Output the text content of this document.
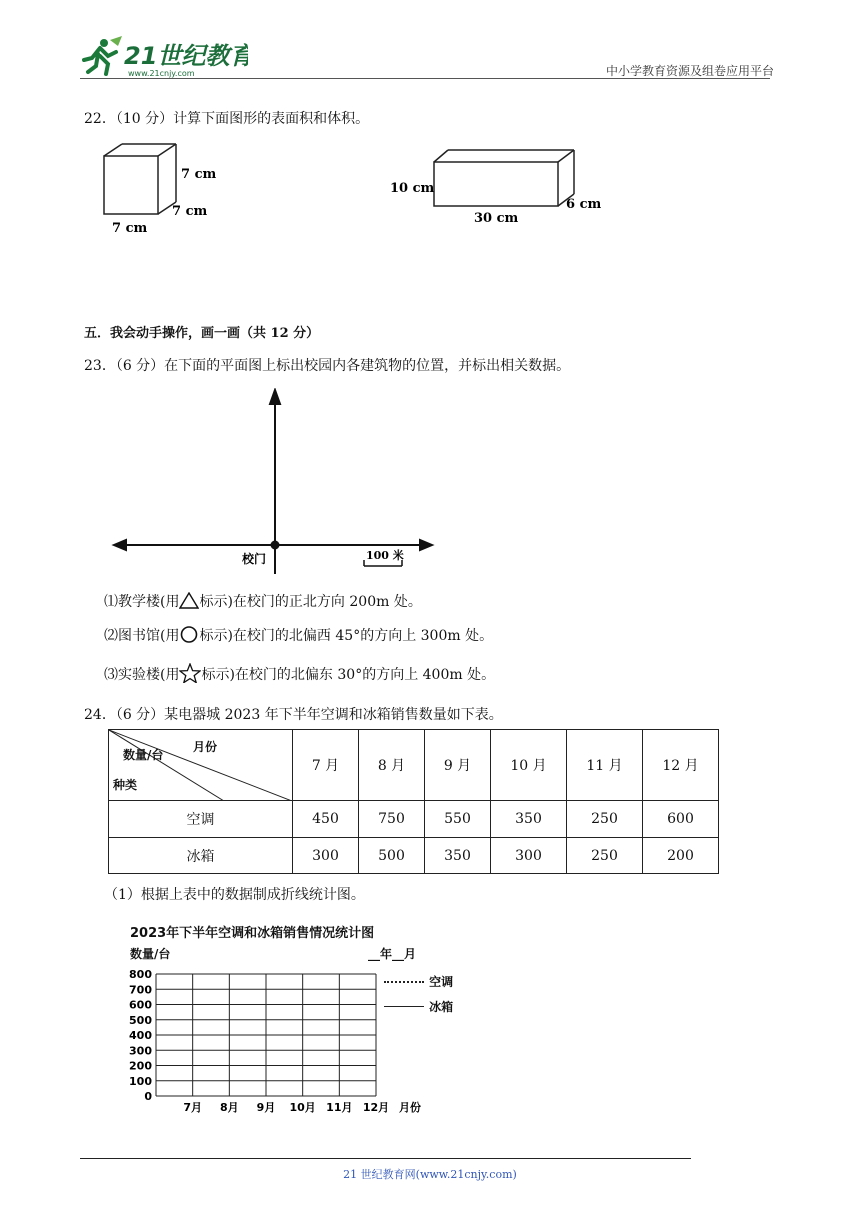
21世纪教育
www.21cnjy.com	中小学教育资源及组卷应用平台
22．（10 分）计算下面图形的表面积和体积。
7 cm
7 cm
7 cm
10 cm
30 cm
6 cm
五．我会动手操作，画一画（共 12 分）
23．（6 分）在下面的平面图上标出校园内各建筑物的位置，并标出相关数据。
校门	100 米
⑴教学楼(用 标示)在校门的正北方向 200m 处。
⑵图书馆(用 标示)在校门的北偏西 45°的方向上 300m 处。
⑶实验楼(用 标示)在校门的北偏东 30°的方向上 400m 处。
24．（6 分）某电器城 2023 年下半年空调和冰箱销售数量如下表。
月份
数量/台
种类	7 月	8 月	9 月	10 月	11 月	12 月
空调	450	750	550	350	250	600
冰箱	300	500	350	300	250	200
（1）根据上表中的数据制成折线统计图。
2023年下半年空调和冰箱销售情况统计图
数量/台	__年__月
空调
冰箱
800
700
600
500
400
300
200
100
0
7月 8月 9月 10月 11月 12月 月份
21 世纪教育网(www.21cnjy.com)
